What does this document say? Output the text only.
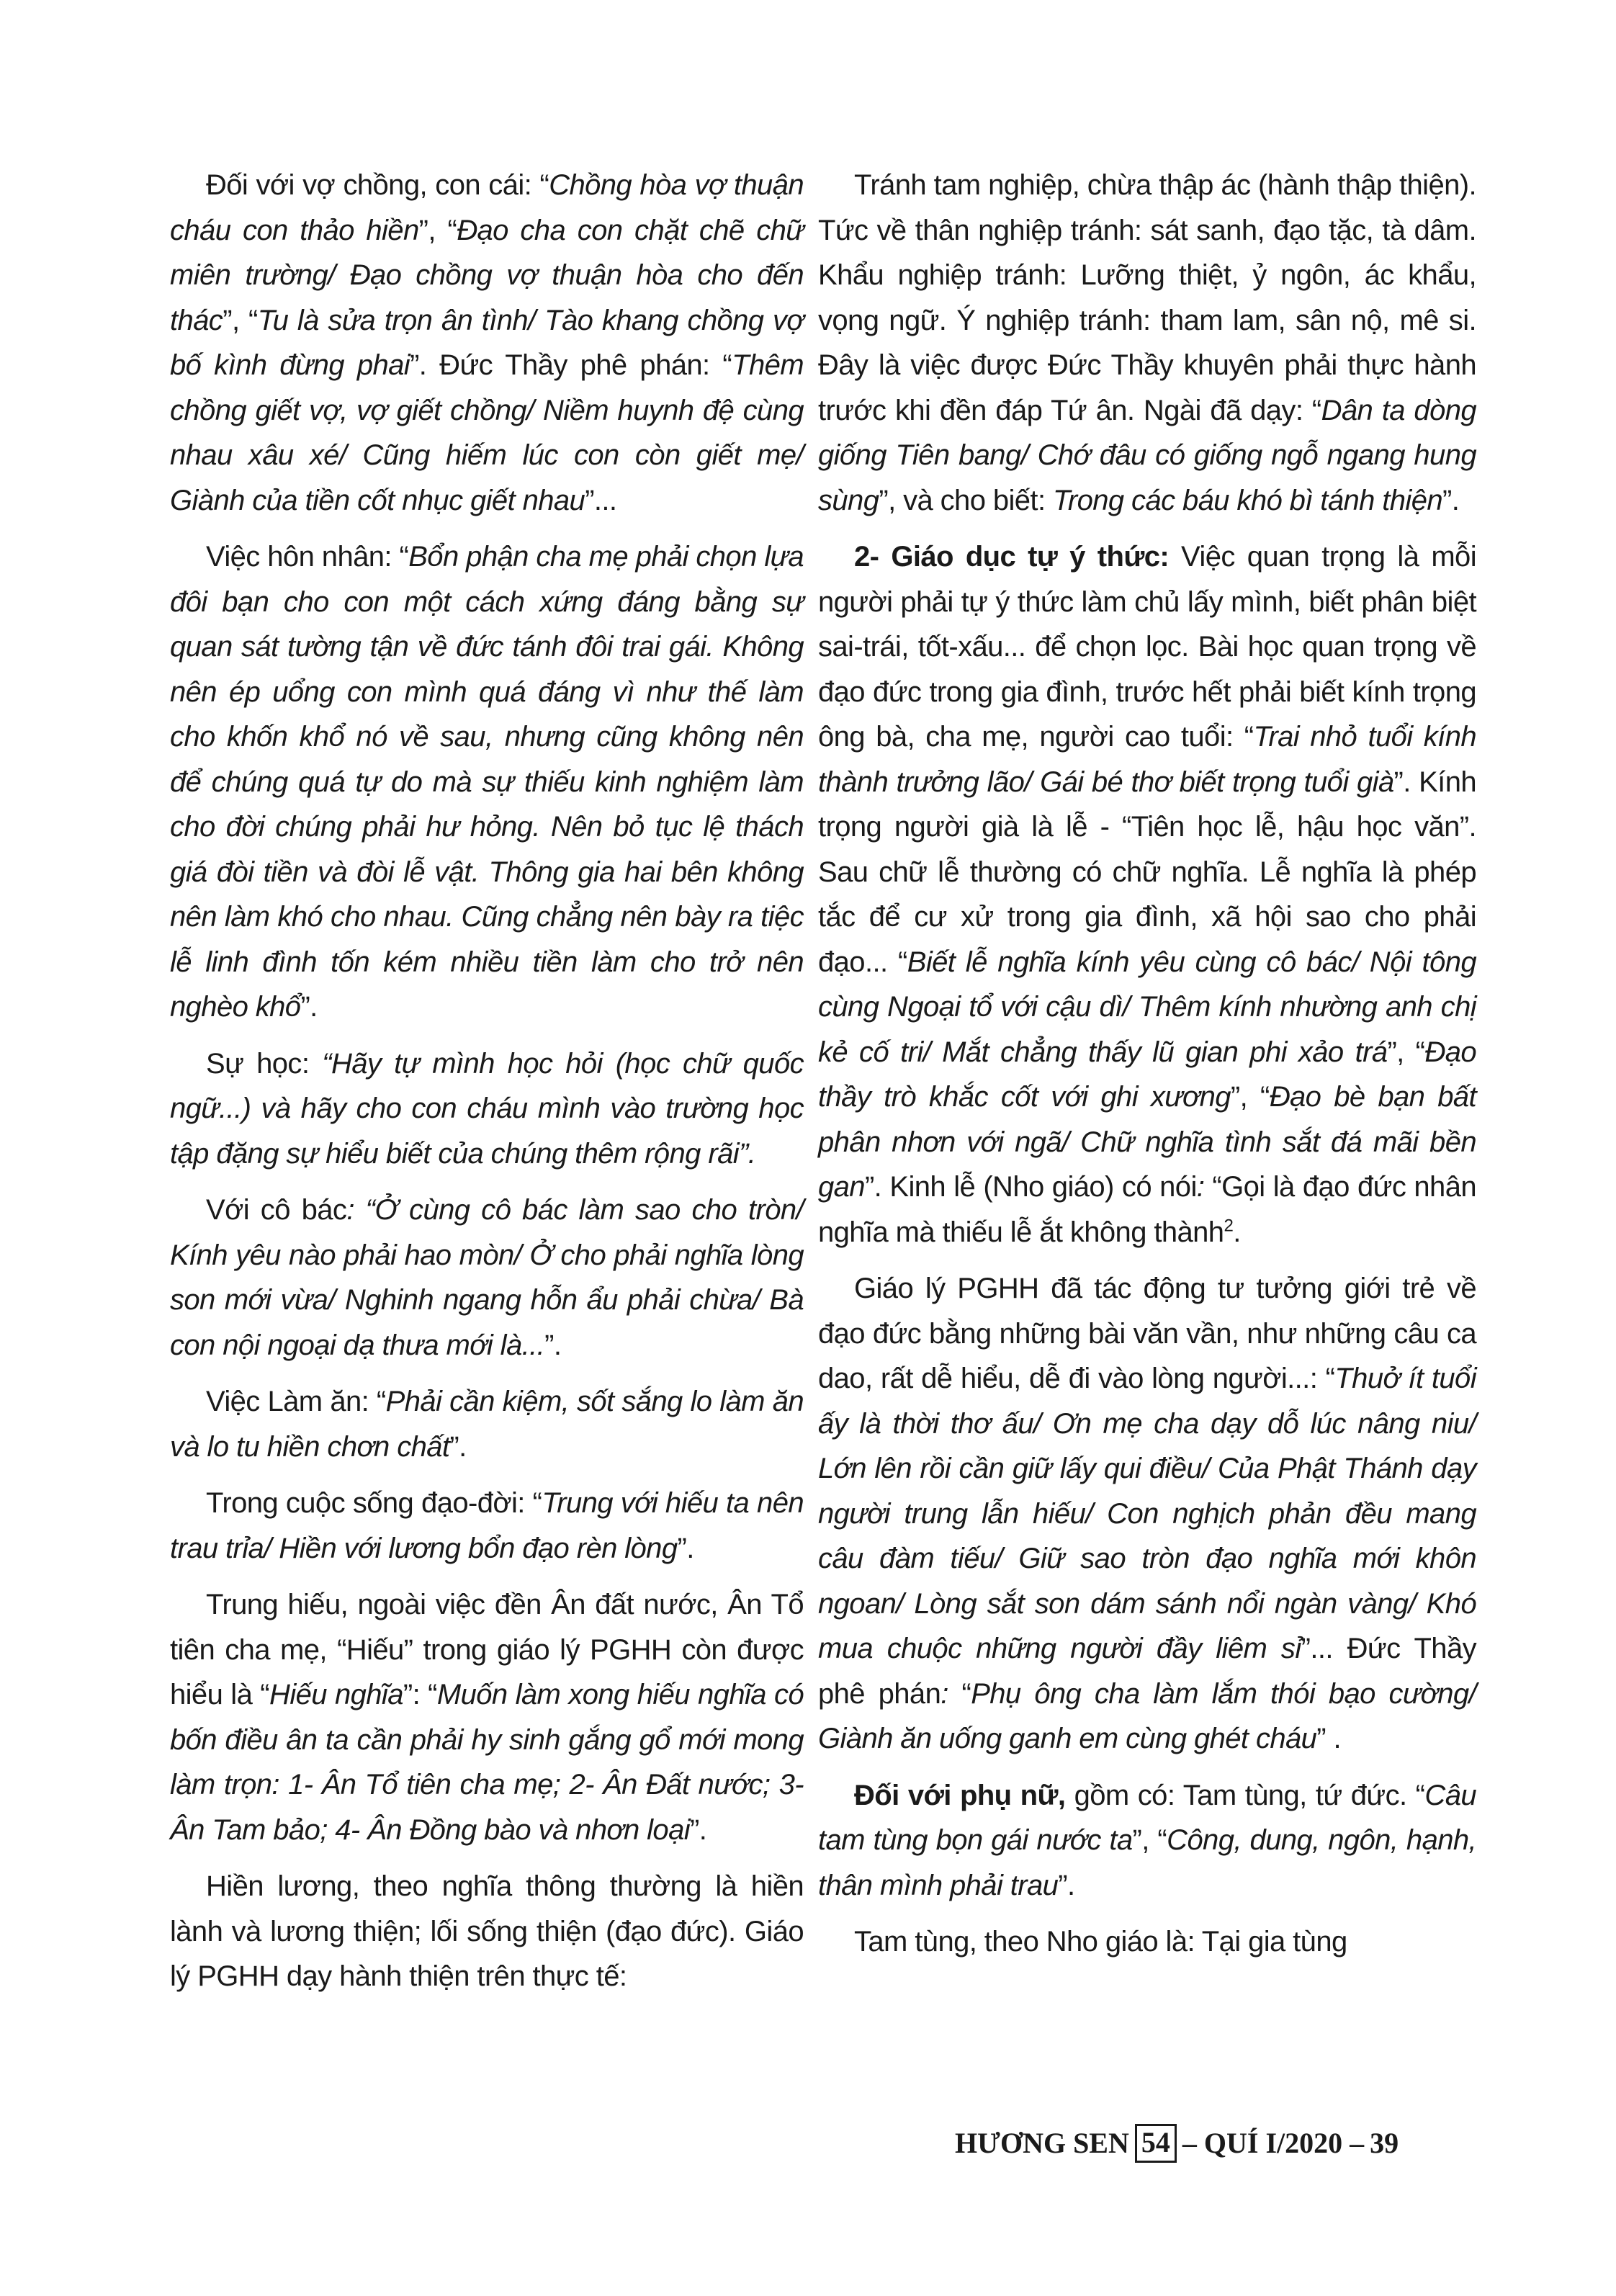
Đối với vợ chồng, con cái: “Chồng hòa vợ thuận cháu con thảo hiền”, “Đạo cha con chặt chẽ chữ miên trường/ Đạo chồng vợ thuận hòa cho đến thác”, “Tu là sửa trọn ân tình/ Tào khang chồng vợ bố kình đừng phai”. Đức Thầy phê phán: “Thêm chồng giết vợ, vợ giết chồng/ Niềm huynh đệ cùng nhau xâu xé/ Cũng hiếm lúc con còn giết mẹ/ Giành của tiền cốt nhục giết nhau”...

Việc hôn nhân: “Bổn phận cha mẹ phải chọn lựa đôi bạn cho con một cách xứng đáng bằng sự quan sát tường tận về đức tánh đôi trai gái. Không nên ép uổng con mình quá đáng vì như thế làm cho khốn khổ nó về sau, nhưng cũng không nên để chúng quá tự do mà sự thiếu kinh nghiệm làm cho đời chúng phải hư hỏng. Nên bỏ tục lệ thách giá đòi tiền và đòi lễ vật. Thông gia hai bên không nên làm khó cho nhau. Cũng chẳng nên bày ra tiệc lễ linh đình tốn kém nhiều tiền làm cho trở nên nghèo khổ”.

Sự học: “Hãy tự mình học hỏi (học chữ quốc ngữ...) và hãy cho con cháu mình vào trường học tập đặng sự hiểu biết của chúng thêm rộng rãi”.

Với cô bác: “Ở cùng cô bác làm sao cho tròn/ Kính yêu nào phải hao mòn/ Ở cho phải nghĩa lòng son mới vừa/ Nghinh ngang hỗn ẩu phải chừa/ Bà con nội ngoại dạ thưa mới là...”.

Việc Làm ăn: “Phải cần kiệm, sốt sắng lo làm ăn và lo tu hiền chơn chất”.

Trong cuộc sống đạo-đời: “Trung với hiếu ta nên trau trỉa/ Hiền với lương bổn đạo rèn lòng”.

Trung hiếu, ngoài việc đền Ân đất nước, Ân Tổ tiên cha mẹ, “Hiếu” trong giáo lý PGHH còn được hiểu là “Hiếu nghĩa”: “Muốn làm xong hiếu nghĩa có bốn điều ân ta cần phải hy sinh gắng gổ mới mong làm trọn: 1- Ân Tổ tiên cha mẹ; 2- Ân Đất nước; 3- Ân Tam bảo; 4- Ân Đồng bào và nhơn loại”.

Hiền lương, theo nghĩa thông thường là hiền lành và lương thiện; lối sống thiện (đạo đức). Giáo lý PGHH dạy hành thiện trên thực tế:

Tránh tam nghiệp, chừa thập ác (hành thập thiện). Tức về thân nghiệp tránh: sát sanh, đạo tặc, tà dâm. Khẩu nghiệp tránh: Lưỡng thiệt, ỷ ngôn, ác khẩu, vọng ngữ. Ý nghiệp tránh: tham lam, sân nộ, mê si. Đây là việc được Đức Thầy khuyên phải thực hành trước khi đền đáp Tứ ân. Ngài đã dạy: “Dân ta dòng giống Tiên bang/ Chớ đâu có giống ngỗ ngang hung sùng”, và cho biết: Trong các báu khó bì tánh thiện”.

2- Giáo dục tự ý thức: Việc quan trọng là mỗi người phải tự ý thức làm chủ lấy mình, biết phân biệt sai-trái, tốt-xấu... để chọn lọc. Bài học quan trọng về đạo đức trong gia đình, trước hết phải biết kính trọng ông bà, cha mẹ, người cao tuổi: “Trai nhỏ tuổi kính thành trưởng lão/ Gái bé thơ biết trọng tuổi già”. Kính trọng người già là lễ - “Tiên học lễ, hậu học văn”. Sau chữ lễ thường có chữ nghĩa. Lễ nghĩa là phép tắc để cư xử trong gia đình, xã hội sao cho phải đạo... “Biết lễ nghĩa kính yêu cùng cô bác/ Nội tông cùng Ngoại tổ với cậu dì/ Thêm kính nhường anh chị kẻ cố tri/ Mắt chẳng thấy lũ gian phi xảo trá”, “Đạo thầy trò khắc cốt với ghi xương”, “Đạo bè bạn bất phân nhơn với ngã/ Chữ nghĩa tình sắt đá mãi bền gan”. Kinh lễ (Nho giáo) có nói: “Gọi là đạo đức nhân nghĩa mà thiếu lễ ắt không thành$^2$.

Giáo lý PGHH đã tác động tư tưởng giới trẻ về đạo đức bằng những bài văn vần, như những câu ca dao, rất dễ hiểu, dễ đi vào lòng người...: “Thuở ít tuổi ấy là thời thơ ấu/ Ơn mẹ cha dạy dỗ lúc nâng niu/ Lớn lên rồi cần giữ lấy qui điều/ Của Phật Thánh dạy người trung lẫn hiếu/ Con nghịch phản đều mang câu đàm tiếu/ Giữ sao tròn đạo nghĩa mới khôn ngoan/ Lòng sắt son dám sánh nổi ngàn vàng/ Khó mua chuộc những người đầy liêm sỉ”... Đức Thầy phê phán: “Phụ ông cha làm lắm thói bạo cường/ Giành ăn uống ganh em cùng ghét cháu” .

Đối với phụ nữ, gồm có: Tam tùng, tứ đức. “Câu tam tùng bọn gái nước ta”, “Công, dung, ngôn, hạnh, thân mình phải trau”.

Tam tùng, theo Nho giáo là: Tại gia tùng

HƯƠNG SEN 54 – QUÍ I/2020 – 39
